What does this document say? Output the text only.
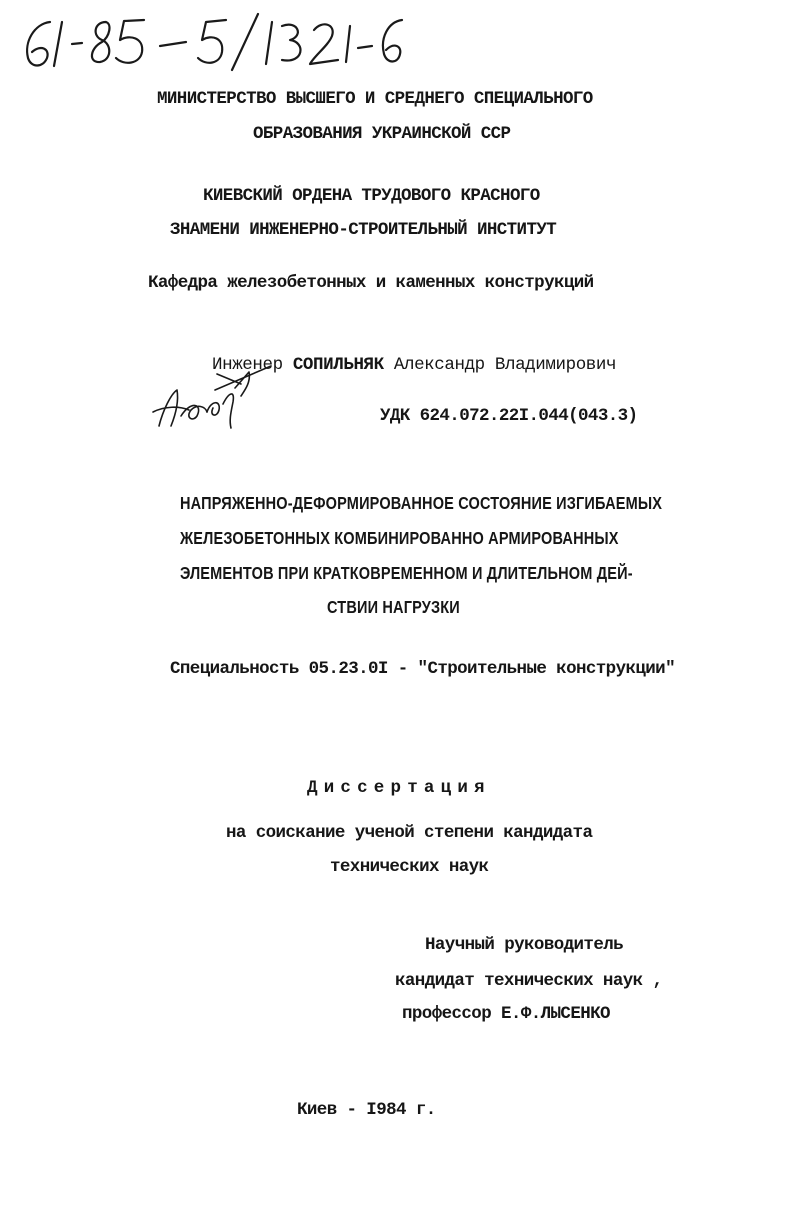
МИНИСТЕРСТВО ВЫСШЕГО И СРЕДНЕГО СПЕЦИАЛЬНОГО
ОБРАЗОВАНИЯ УКРАИНСКОЙ ССР
КИЕВСКИЙ ОРДЕНА ТРУДОВОГО КРАСНОГО
ЗНАМЕНИ ИНЖЕНЕРНО-СТРОИТЕЛЬНЫЙ ИНСТИТУТ
Кафедра железобетонных и каменных конструкций
Инженер СОПИЛЬНЯК Александр Владимирович
УДК 624.072.22I.044(043.3)
НАПРЯЖЕННО-ДЕФОРМИРОВАННОЕ СОСТОЯНИЕ ИЗГИБАЕМЫХ
ЖЕЛЕЗОБЕТОННЫХ КОМБИНИРОВАННО АРМИРОВАННЫХ
ЭЛЕМЕНТОВ ПРИ КРАТКОВРЕМЕННОМ И ДЛИТЕЛЬНОМ ДЕЙ-
СТВИИ НАГРУЗКИ
Специальность 05.23.0I - "Строительные конструкции"
Диссертация
на соискание ученой степени кандидата
технических наук
Научный руководитель
кандидат технических наук ,
профессор Е.Ф.ЛЫСЕНКО
Киев - I984 г.
